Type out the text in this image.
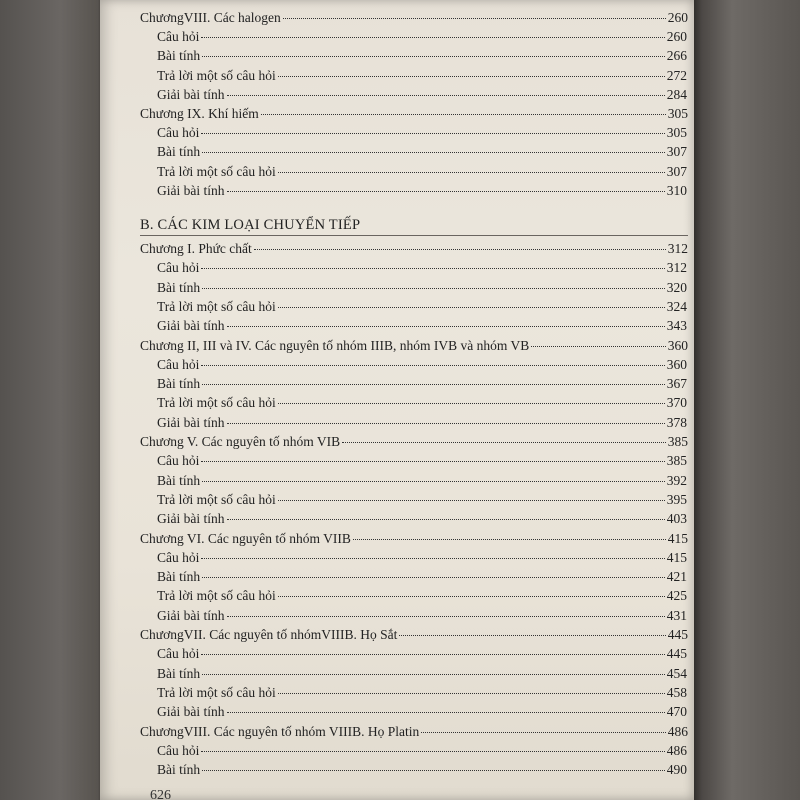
B. CÁC KIM LOẠI CHUYỂN TIẾP
626
ChươngVIII. Các halogen	260
Câu hỏi	260
Bài tính	266
Trả lời một số câu hỏi	272
Giải bài tính	284
Chương IX. Khí hiếm	305
Câu hỏi	305
Bài tính	307
Trả lời một số câu hỏi	307
Giải bài tính	310
Chương I. Phức chất	312
Câu hỏi	312
Bài tính	320
Trả lời một số câu hỏi	324
Giải bài tính	343
Chương II, III và IV. Các nguyên tố nhóm IIIB, nhóm IVB và nhóm VB	360
Câu hỏi	360
Bài tính	367
Trả lời một số câu hỏi	370
Giải bài tính	378
Chương V. Các nguyên tố nhóm VIB	385
Câu hỏi	385
Bài tính	392
Trả lời một số câu hỏi	395
Giải bài tính	403
Chương VI. Các nguyên tố nhóm VIIB	415
Câu hỏi	415
Bài tính	421
Trả lời một số câu hỏi	425
Giải bài tính	431
ChươngVII. Các nguyên tố nhómVIIIB. Họ Sắt	445
Câu hỏi	445
Bài tính	454
Trả lời một số câu hỏi	458
Giải bài tính	470
ChươngVIII. Các nguyên tố nhóm VIIIB. Họ Platin	486
Câu hỏi	486
Bài tính	490
